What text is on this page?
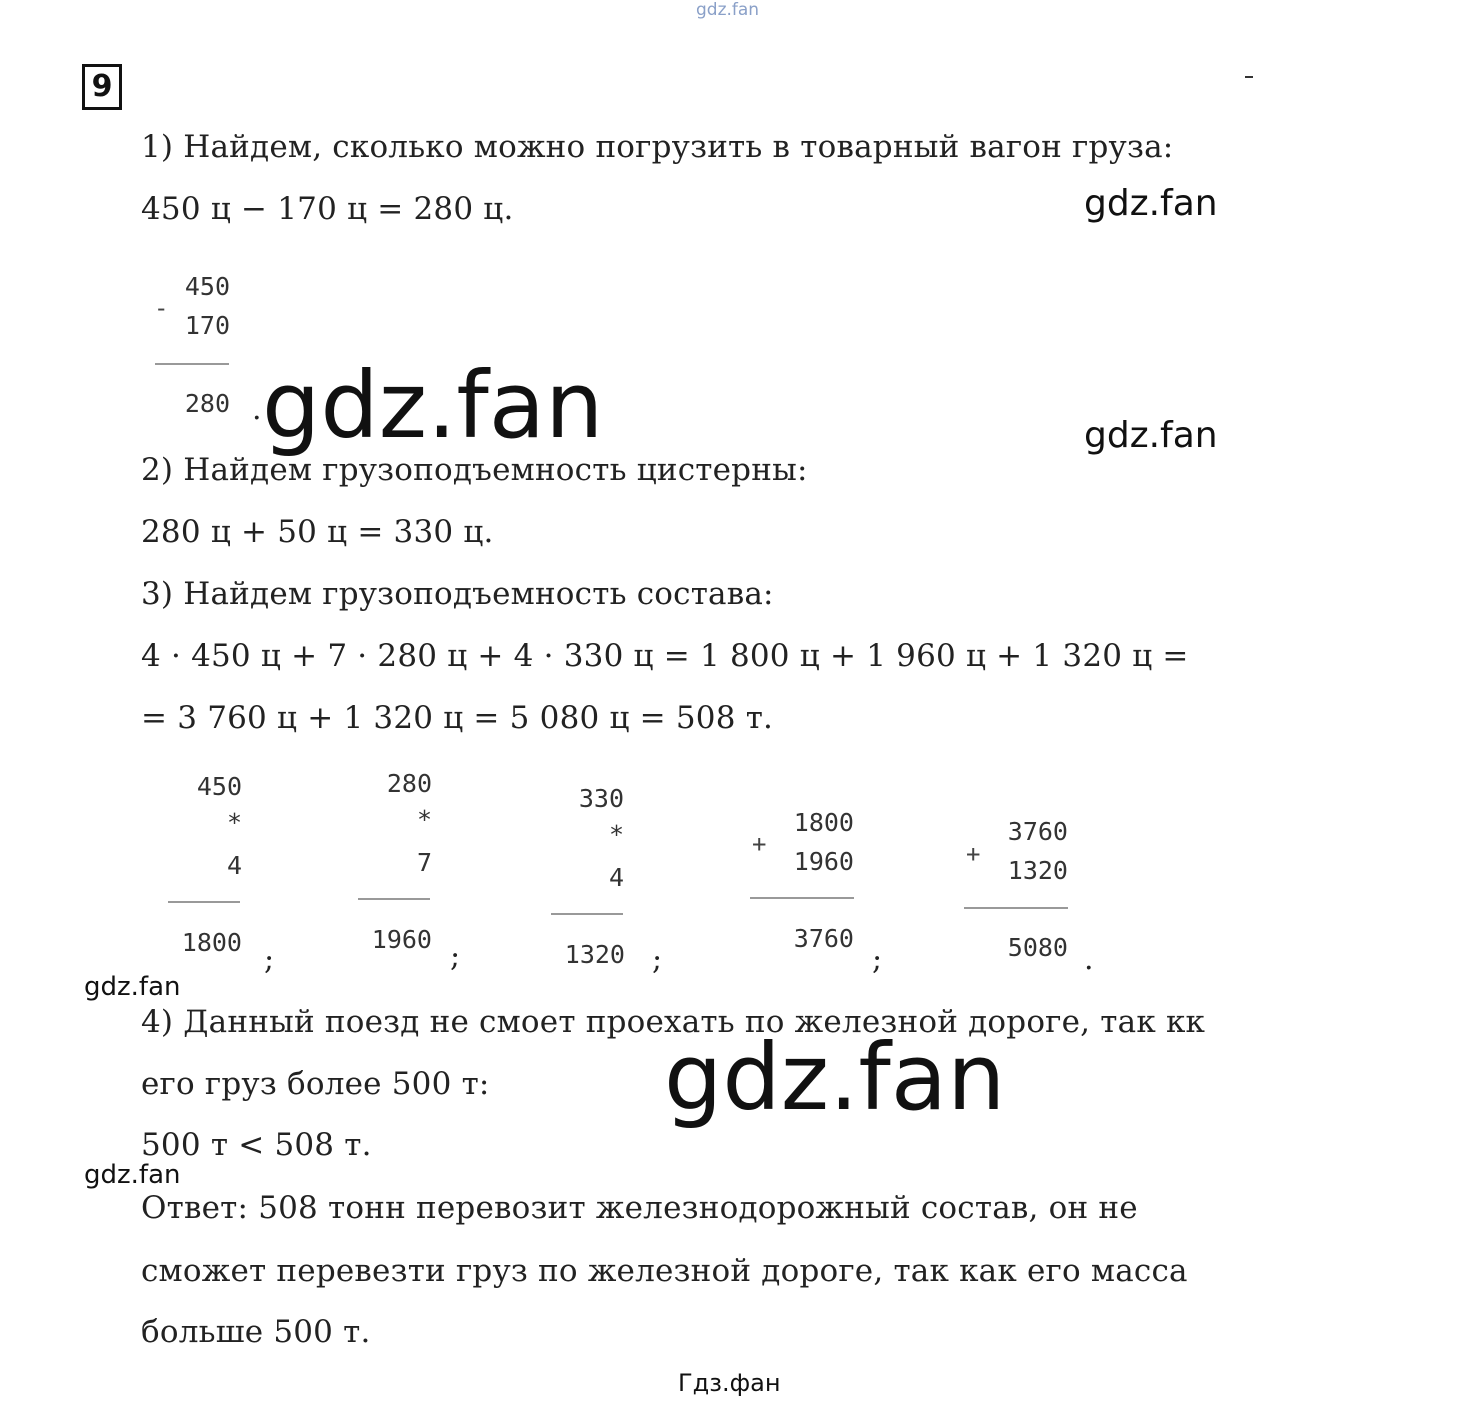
gdz.fan
9
1) Найдем, сколько можно погрузить в товарный вагон груза:
450 ц − 170 ц = 280 ц.	gdz.fan
-
450
170
280 . gdz.fan	gdz.fan
2) Найдем грузоподъемность цистерны:
280 ц + 50 ц = 330 ц.
3) Найдем грузоподъемность состава:
4 · 450 ц + 7 · 280 ц + 4 · 330 ц = 1 800 ц + 1 960 ц + 1 320 ц =
= 3 760 ц + 1 320 ц = 5 080 ц = 508 т.
450
*
4
1800 ;
280
*
7
1960 ;
330
*
4
1320 ;
+
1800
1960
3760
;
+
3760
1320
5080 .
gdz.fan
4) Данный поезд не смоет проехать по железной дороге, так кк
его груз более 500 т: gdz.fan
500 т < 508 т.
gdz.fan
Ответ: 508 тонн перевозит железнодорожный состав, он не
сможет перевезти груз по железной дороге, так как его масса
больше 500 т.
Гдз.фан
